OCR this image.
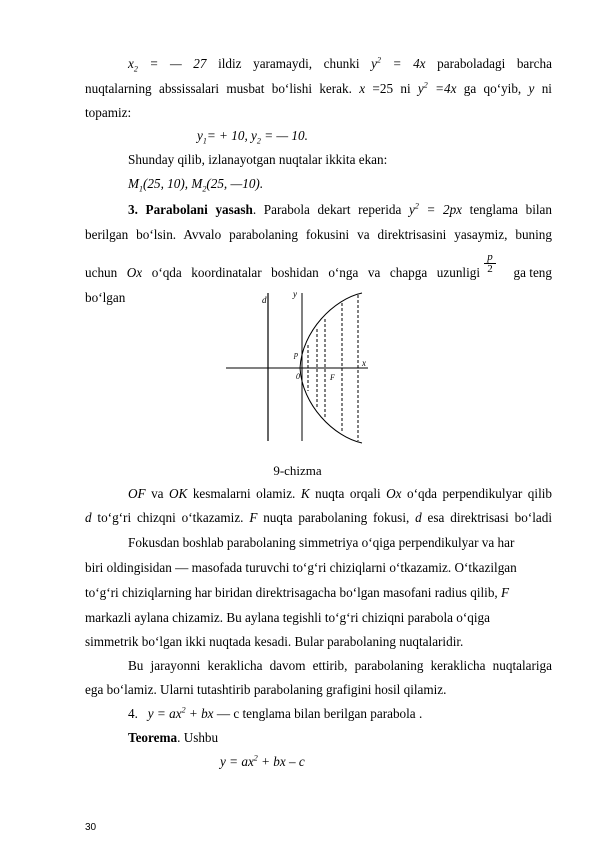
$x_2$ = — 27 ildiz yaramaydi, chunki $y^2 = 4x$ paraboladagi barcha
nuqtalarning abssissalari musbat bo‘lishi kerak. x =25 ni $y^2 =4x$ ga qo‘yib, y ni
topamiz:
$y_1= + 10$, $y_2$ = — 10.
Shunday qilib, izlanayotgan nuqtalar ikkita ekan:
$M_1(25$, 10), $M_2(25$, —10).
3. Parabolani yasash. Parabola dekart reperida $y^2 = 2px$ tenglama bilan
berilgan bo‘lsin. Avvalo parabolaning fokusini va direktrisasini yasaymiz, buning
uchun Ox o‘qda koordinatalar boshidan o‘nga va chapga uzunligi $\frac{p}{2}$	ga teng
bo‘lgan	d
y
p
0	F
x
9-chizma
OF va OK kesmalarni olamiz. K nuqta orqali Ox o‘qda perpendikulyar qilib
d to‘g‘ri chizqni o‘tkazamiz. F nuqta parabolaning fokusi, d esa direktrisasi bo‘ladi
Fokusdan boshlab parabolaning simmetriya o‘qiga perpendikulyar va har
biri oldingisidan — masofada turuvchi to‘g‘ri chiziqlarni o‘tkazamiz. O‘tkazilgan
to‘g‘ri chiziqlarning har biridan direktrisagacha bo‘lgan masofani radius qilib, F
markazli aylana chizamiz. Bu aylana tegishli to‘g‘ri chiziqni parabola o‘qiga
simmetrik bo‘lgan ikki nuqtada kesadi. Bular parabolaning nuqtalaridir.
Bu jarayonni keraklicha davom ettirib, parabolaning keraklicha nuqtalariga
ega bo‘lamiz. Ularni tutashtirib parabolaning grafigini hosil qilamiz.
4. $y = ax^2$ + bx — c tenglama bilan berilgan parabola .
Teorema. Ushbu
$y = ax^2$ + bx – c
30
